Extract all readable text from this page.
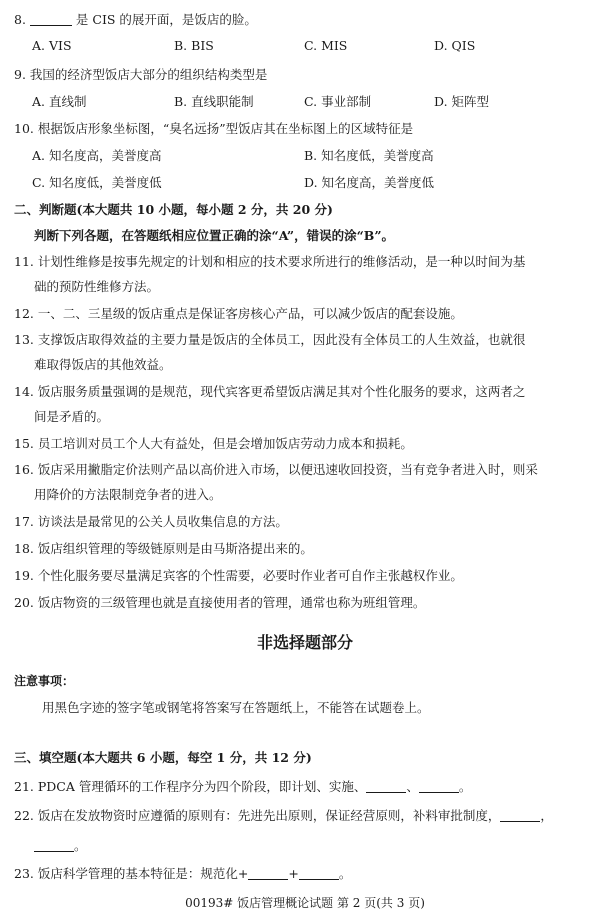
8.	是 CIS 的展开面，是饭店的脸。
A. VIS	B. BIS	C. MIS	D. QIS
9. 我国的经济型饭店大部分的组织结构类型是
A. 直线制	B. 直线职能制	C. 事业部制	D. 矩阵型
10. 根据饭店形象坐标图，“臭名远扬”型饭店其在坐标图上的区域特征是
A. 知名度高，美誉度高	B. 知名度低，美誉度高
C. 知名度低，美誉度低	D. 知名度高，美誉度低
二、判断题(本大题共 10 小题，每小题 2 分，共 20 分)
判断下列各题，在答题纸相应位置正确的涂“A”，错误的涂“B”。
11. 计划性维修是按事先规定的计划和相应的技术要求所进行的维修活动，是一种以时间为基
础的预防性维修方法。
12. 一、二、三星级的饭店重点是保证客房核心产品，可以减少饭店的配套设施。
13. 支撑饭店取得效益的主要力量是饭店的全体员工，因此没有全体员工的人生效益，也就很
难取得饭店的其他效益。
14. 饭店服务质量强调的是规范，现代宾客更希望饭店满足其对个性化服务的要求，这两者之
间是矛盾的。
15. 员工培训对员工个人大有益处，但是会增加饭店劳动力成本和损耗。
16. 饭店采用撇脂定价法则产品以高价进入市场，以便迅速收回投资，当有竞争者进入时，则采
用降价的方法限制竞争者的进入。
17. 访谈法是最常见的公关人员收集信息的方法。
18. 饭店组织管理的等级链原则是由马斯洛提出来的。
19. 个性化服务要尽量满足宾客的个性需要，必要时作业者可自作主张越权作业。
20. 饭店物资的三级管理也就是直接使用者的管理，通常也称为班组管理。
非选择题部分
注意事项：
用黑色字迹的签字笔或钢笔将答案写在答题纸上，不能答在试题卷上。
三、填空题(本大题共 6 小题，每空 1 分，共 12 分)
21. PDCA 管理循环的工作程序分为四个阶段，即计划、实施、	、	。
22. 饭店在发放物资时应遵循的原则有：先进先出原则，保证经营原则，补料审批制度，	，
。
23. 饭店科学管理的基本特征是：规范化+	+	。
00193# 饭店管理概论试题 第 2 页(共 3 页)
